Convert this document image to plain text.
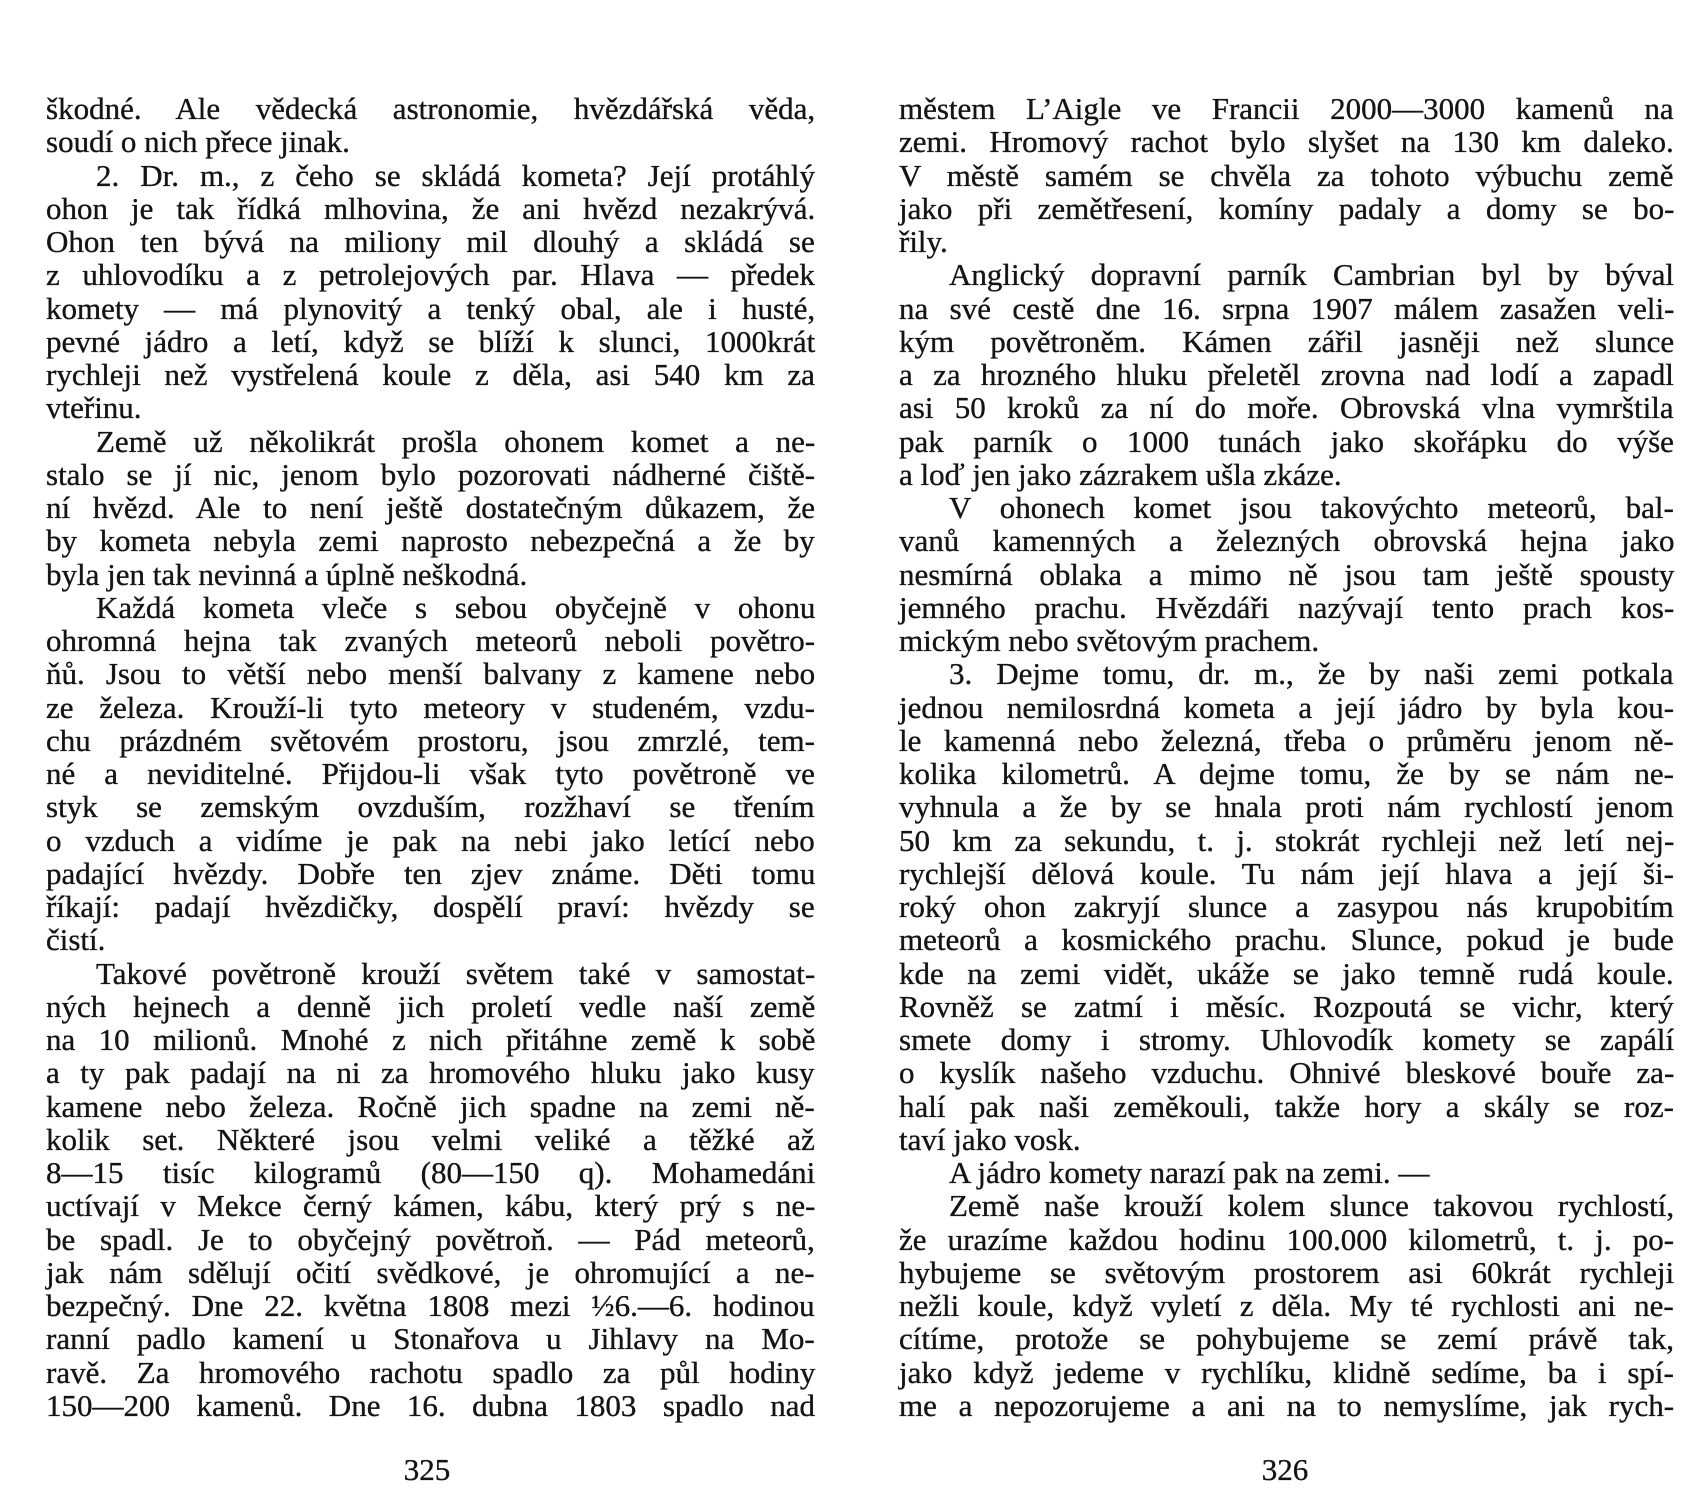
škodné. Ale vědecká astronomie, hvězdářská věda,
soudí o nich přece jinak.
2. Dr. m., z čeho se skládá kometa? Její protáhlý
ohon je tak řídká mlhovina, že ani hvězd nezakrývá.
Ohon ten bývá na miliony mil dlouhý a skládá se
z uhlovodíku a z petrolejových par. Hlava — předek
komety — má plynovitý a tenký obal, ale i husté,
pevné jádro a letí, když se blíží k slunci, 1000krát
rychleji než vystřelená koule z děla, asi 540 km za
vteřinu.
Země už několikrát prošla ohonem komet a ne-
stalo se jí nic, jenom bylo pozorovati nádherné čiště-
ní hvězd. Ale to není ještě dostatečným důkazem, že
by kometa nebyla zemi naprosto nebezpečná a že by
byla jen tak nevinná a úplně neškodná.
Každá kometa vleče s sebou obyčejně v ohonu
ohromná hejna tak zvaných meteorů neboli povětro-
ňů. Jsou to větší nebo menší balvany z kamene nebo
ze železa. Krouží-li tyto meteory v studeném, vzdu-
chu prázdném světovém prostoru, jsou zmrzlé, tem-
né a neviditelné. Přijdou-li však tyto povětroně ve
styk se zemským ovzduším, rozžhaví se třením
o vzduch a vidíme je pak na nebi jako letící nebo
padající hvězdy. Dobře ten zjev známe. Děti tomu
říkají: padají hvězdičky, dospělí praví: hvězdy se
čistí.
Takové povětroně krouží světem také v samostat-
ných hejnech a denně jich proletí vedle naší země
na 10 milionů. Mnohé z nich přitáhne země k sobě
a ty pak padají na ni za hromového hluku jako kusy
kamene nebo železa. Ročně jich spadne na zemi ně-
kolik set. Některé jsou velmi veliké a těžké až
8—15 tisíc kilogramů (80—150 q). Mohamedáni
uctívají v Mekce černý kámen, kábu, který prý s ne-
be spadl. Je to obyčejný povětroň. — Pád meteorů,
jak nám sdělují očití svědkové, je ohromující a ne-
bezpečný. Dne 22. května 1808 mezi ½6.—6. hodinou
ranní padlo kamení u Stonařova u Jihlavy na Mo-
ravě. Za hromového rachotu spadlo za půl hodiny
150—200 kamenů. Dne 16. dubna 1803 spadlo nad
městem L’Aigle ve Francii 2000—3000 kamenů na
zemi. Hromový rachot bylo slyšet na 130 km daleko.
V městě samém se chvěla za tohoto výbuchu země
jako při zemětřesení, komíny padaly a domy se bo-
řily.
Anglický dopravní parník Cambrian byl by býval
na své cestě dne 16. srpna 1907 málem zasažen veli-
kým povětroněm. Kámen zářil jasněji než slunce
a za hrozného hluku přeletěl zrovna nad lodí a zapadl
asi 50 kroků za ní do moře. Obrovská vlna vymrštila
pak parník o 1000 tunách jako skořápku do výše
a loď jen jako zázrakem ušla zkáze.
V ohonech komet jsou takovýchto meteorů, bal-
vanů kamenných a železných obrovská hejna jako
nesmírná oblaka a mimo ně jsou tam ještě spousty
jemného prachu. Hvězdáři nazývají tento prach kos-
mickým nebo světovým prachem.
3. Dejme tomu, dr. m., že by naši zemi potkala
jednou nemilosrdná kometa a její jádro by byla kou-
le kamenná nebo železná, třeba o průměru jenom ně-
kolika kilometrů. A dejme tomu, že by se nám ne-
vyhnula a že by se hnala proti nám rychlostí jenom
50 km za sekundu, t. j. stokrát rychleji než letí nej-
rychlejší dělová koule. Tu nám její hlava a její ši-
roký ohon zakryjí slunce a zasypou nás krupobitím
meteorů a kosmického prachu. Slunce, pokud je bude
kde na zemi vidět, ukáže se jako temně rudá koule.
Rovněž se zatmí i měsíc. Rozpoutá se vichr, který
smete domy i stromy. Uhlovodík komety se zapálí
o kyslík našeho vzduchu. Ohnivé bleskové bouře za-
halí pak naši zeměkouli, takže hory a skály se roz-
taví jako vosk.
A jádro komety narazí pak na zemi. —
Země naše krouží kolem slunce takovou rychlostí,
že urazíme každou hodinu 100.000 kilometrů, t. j. po-
hybujeme se světovým prostorem asi 60krát rychleji
nežli koule, když vyletí z děla. My té rychlosti ani ne-
cítíme, protože se pohybujeme se zemí právě tak,
jako když jedeme v rychlíku, klidně sedíme, ba i spí-
me a nepozorujeme a ani na to nemyslíme, jak rych-
325	326
